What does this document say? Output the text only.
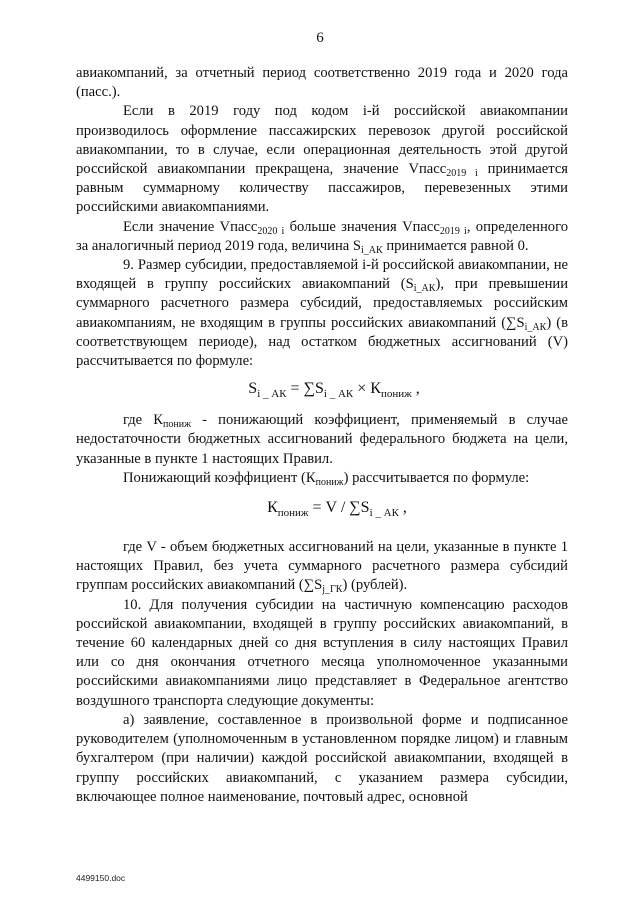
6

авиакомпаний, за отчетный период соответственно 2019 года и 2020 года (пасс.).

Если в 2019 году под кодом i-й российской авиакомпании производилось оформление пассажирских перевозок другой российской авиакомпании, то в случае, если операционная деятельность этой другой российской авиакомпании прекращена, значение Vпасс$_{2019 i}$ принимается равным суммарному количеству пассажиров, перевезенных этими российскими авиакомпаниями.

Если значение Vпасс$_{2020 i}$ больше значения Vпасс$_{2019 i}$, определенного за аналогичный период 2019 года, величина $S_{i\_АК}$ принимается равной 0.

9. Размер субсидии, предоставляемой i-й российской авиакомпании, не входящей в группу российских авиакомпаний $(S_{i\_АК})$, при превышении суммарного расчетного размера субсидий, предоставляемых российским авиакомпаниям, не входящим в группы российских авиакомпаний $(\sum S_{i\_АК})$ (в соответствующем периоде), над остатком бюджетных ассигнований (V) рассчитывается по формуле:

$S_{i \_ АК} = \sum S_{i \_ АК} \times К_{пониж}$ ,

где $К_{пониж}$ - понижающий коэффициент, применяемый в случае недостаточности бюджетных ассигнований федерального бюджета на цели, указанные в пункте 1 настоящих Правил.

Понижающий коэффициент $(К_{пониж})$ рассчитывается по формуле:

$К_{пониж} = V / \sum S_{i \_ АК}$ ,

где V - объем бюджетных ассигнований на цели, указанные в пункте 1 настоящих Правил, без учета суммарного расчетного размера субсидий группам российских авиакомпаний $(\sum S_{j\_ГК})$ (рублей).

10. Для получения субсидии на частичную компенсацию расходов российской авиакомпании, входящей в группу российских авиакомпаний, в течение 60 календарных дней со дня вступления в силу настоящих Правил или со дня окончания отчетного месяца уполномоченное указанными российскими авиакомпаниями лицо представляет в Федеральное агентство воздушного транспорта следующие документы:

а) заявление, составленное в произвольной форме и подписанное руководителем (уполномоченным в установленном порядке лицом) и главным бухгалтером (при наличии) каждой российской авиакомпании, входящей в группу российских авиакомпаний, с указанием размера субсидии, включающее полное наименование, почтовый адрес, основной

4499150.doc
